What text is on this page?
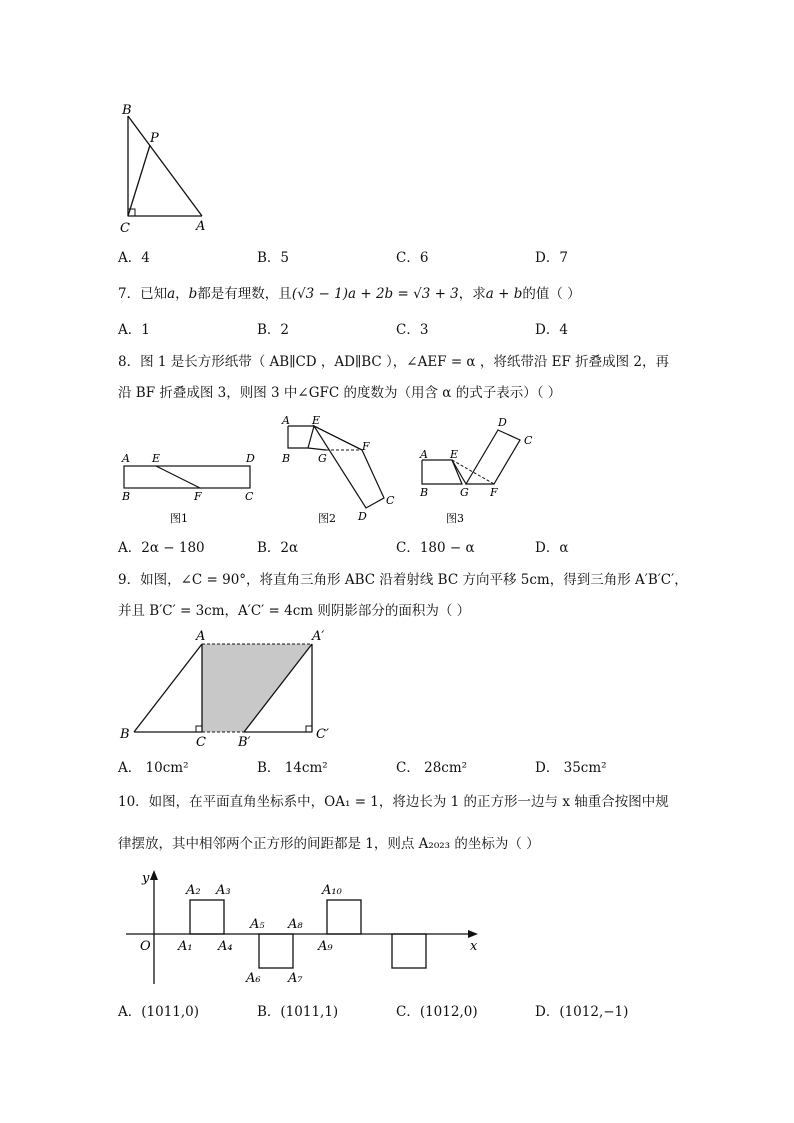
B
P
C	A
A．4	B．5	C．6	D．7
7．已知a，b都是有理数，且(√3 − 1)a + 2b = √3 + 3，求a + b的值（ ）
A．1	B．2	C．3	D．4
8．图 1 是长方形纸带（ AB∥CD ，AD∥BC ），∠AEF = α ，将纸带沿 EF 折叠成图 2，再
沿 BF 折叠成图 3，则图 3 中∠GFC 的度数为（用含 α 的式子表示）（ ）
A E	D
B	F	C
图1
A E
F
B	G
C
D
图2
A E
D
C
B	G F
图3
A．2α − 180	B．2α	C．180 − α	D．α
9．如图，∠C = 90°，将直角三角形 ABC 沿着射线 BC 方向平移 5cm，得到三角形 A′B′C′，
并且 B′C′ = 3cm，A′C′ = 4cm 则阴影部分的面积为（ ）
A	A′
B
C B′
C′
A． 10cm²	B． 14cm²	C． 28cm²	D． 35cm²
10．如图，在平面直角坐标系中，OA₁ = 1，将边长为 1 的正方形一边与 x 轴重合按图中规
律摆放，其中相邻两个正方形的间距都是 1，则点 A₂₀₂₃ 的坐标为（ ）
y
x
O A₁
A₂ A₃
A₄
A₅
A₆ A₇
A₈
A₉
A₁₀
A．(1011,0)	B．(1011,1)	C．(1012,0)	D．(1012,−1)
